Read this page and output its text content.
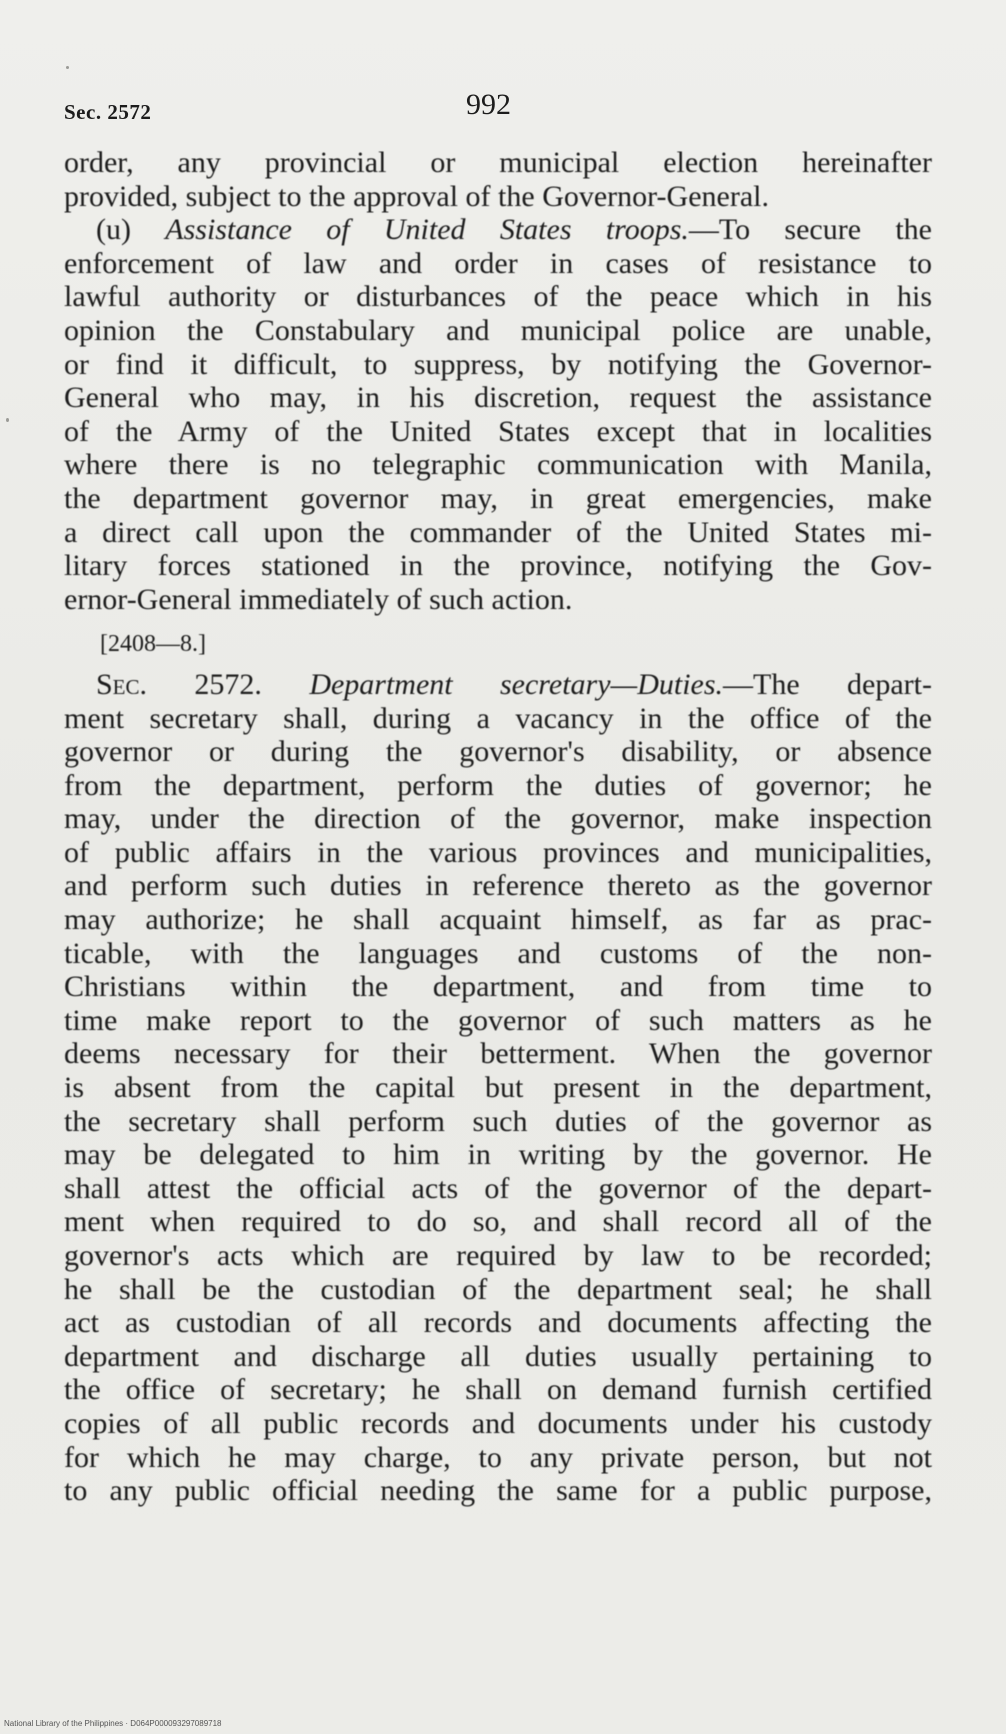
Sec. 2572	992
order, any provincial or municipal election hereinafter
provided, subject to the approval of the Governor-General.
(u) Assistance of United States troops.—To secure the
enforcement of law and order in cases of resistance to
lawful authority or disturbances of the peace which in his
opinion the Constabulary and municipal police are unable,
or find it difficult, to suppress, by notifying the Governor-
General who may, in his discretion, request the assistance
of the Army of the United States except that in localities
where there is no telegraphic communication with Manila,
the department governor may, in great emergencies, make
a direct call upon the commander of the United States mi-
litary forces stationed in the province, notifying the Gov-
ernor-General immediately of such action.
[2408—8.]
Sec. 2572. Department secretary—Duties.—The depart-
ment secretary shall, during a vacancy in the office of the
governor or during the governor's disability, or absence
from the department, perform the duties of governor; he
may, under the direction of the governor, make inspection
of public affairs in the various provinces and municipalities,
and perform such duties in reference thereto as the governor
may authorize; he shall acquaint himself, as far as prac-
ticable, with the languages and customs of the non-
Christians within the department, and from time to
time make report to the governor of such matters as he
deems necessary for their betterment. When the governor
is absent from the capital but present in the department,
the secretary shall perform such duties of the governor as
may be delegated to him in writing by the governor. He
shall attest the official acts of the governor of the depart-
ment when required to do so, and shall record all of the
governor's acts which are required by law to be recorded;
he shall be the custodian of the department seal; he shall
act as custodian of all records and documents affecting the
department and discharge all duties usually pertaining to
the office of secretary; he shall on demand furnish certified
copies of all public records and documents under his custody
for which he may charge, to any private person, but not
to any public official needing the same for a public purpose,
National Library of the Philippines · D064P000093297089718
